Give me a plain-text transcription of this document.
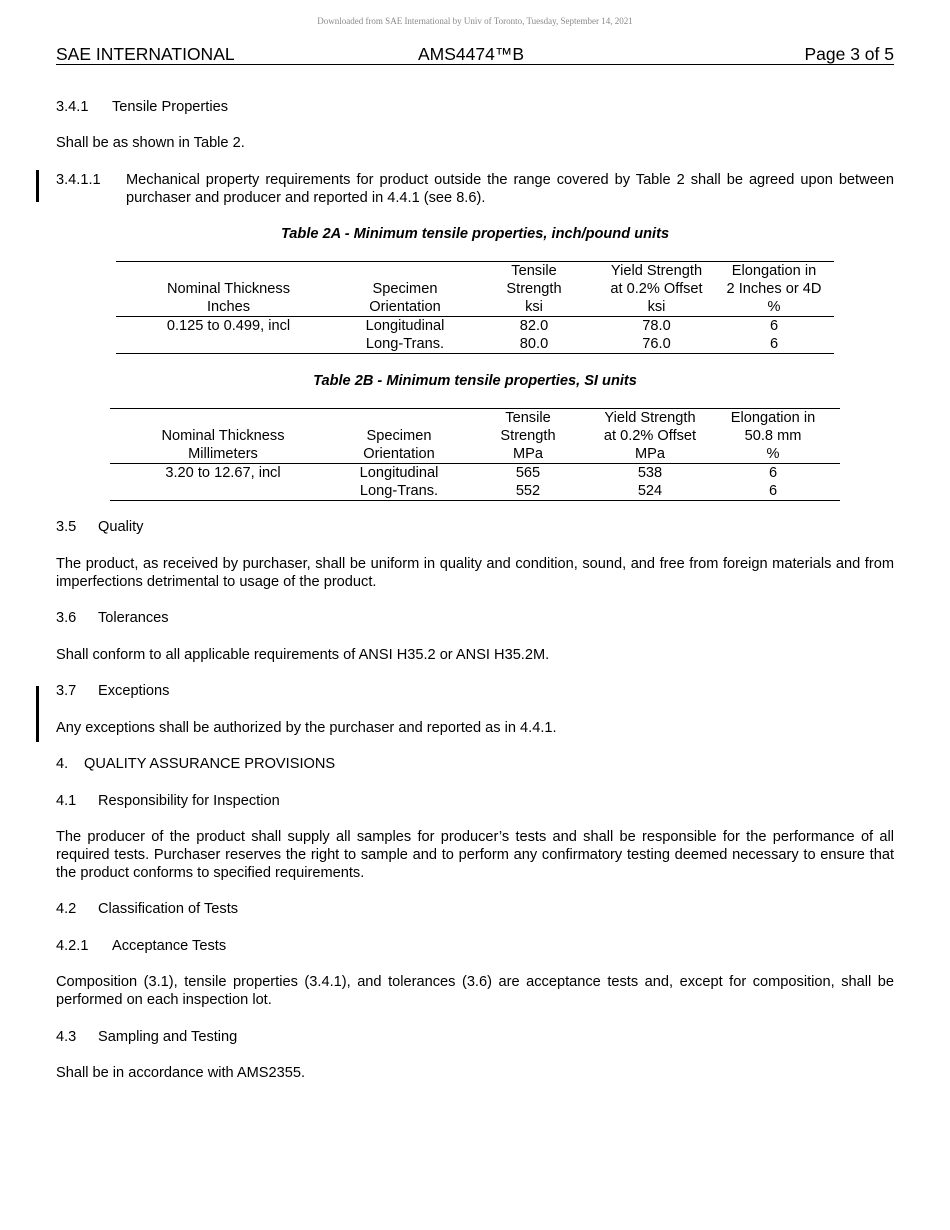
Downloaded from SAE International by Univ of Toronto, Tuesday, September 14, 2021
SAE INTERNATIONAL	AMS4474™B	Page 3 of 5
3.4.1 Tensile Properties
Shall be as shown in Table 2.
3.4.1.1 Mechanical property requirements for product outside the range covered by Table 2 shall be agreed upon between purchaser and producer and reported in 4.4.1 (see 8.6).
Table 2A - Minimum tensile properties, inch/pound units
		Tensile	Yield Strength	Elongation in
Nominal Thickness	Specimen	Strength	at 0.2% Offset	2 Inches or 4D
Inches	Orientation	ksi	ksi	%
0.125 to 0.499, incl	Longitudinal	82.0	78.0	6
	Long-Trans.	80.0	76.0	6
Table 2B - Minimum tensile properties, SI units
		Tensile	Yield Strength	Elongation in
Nominal Thickness	Specimen	Strength	at 0.2% Offset	50.8 mm
Millimeters	Orientation	MPa	MPa	%
3.20 to 12.67, incl	Longitudinal	565	538	6
	Long-Trans.	552	524	6
3.5 Quality
The product, as received by purchaser, shall be uniform in quality and condition, sound, and free from foreign materials and from imperfections detrimental to usage of the product.
3.6 Tolerances
Shall conform to all applicable requirements of ANSI H35.2 or ANSI H35.2M.
3.7 Exceptions
Any exceptions shall be authorized by the purchaser and reported as in 4.4.1.
4. QUALITY ASSURANCE PROVISIONS
4.1 Responsibility for Inspection
The producer of the product shall supply all samples for producer’s tests and shall be responsible for the performance of all required tests. Purchaser reserves the right to sample and to perform any confirmatory testing deemed necessary to ensure that the product conforms to specified requirements.
4.2 Classification of Tests
4.2.1 Acceptance Tests
Composition (3.1), tensile properties (3.4.1), and tolerances (3.6) are acceptance tests and, except for composition, shall be performed on each inspection lot.
4.3 Sampling and Testing
Shall be in accordance with AMS2355.
